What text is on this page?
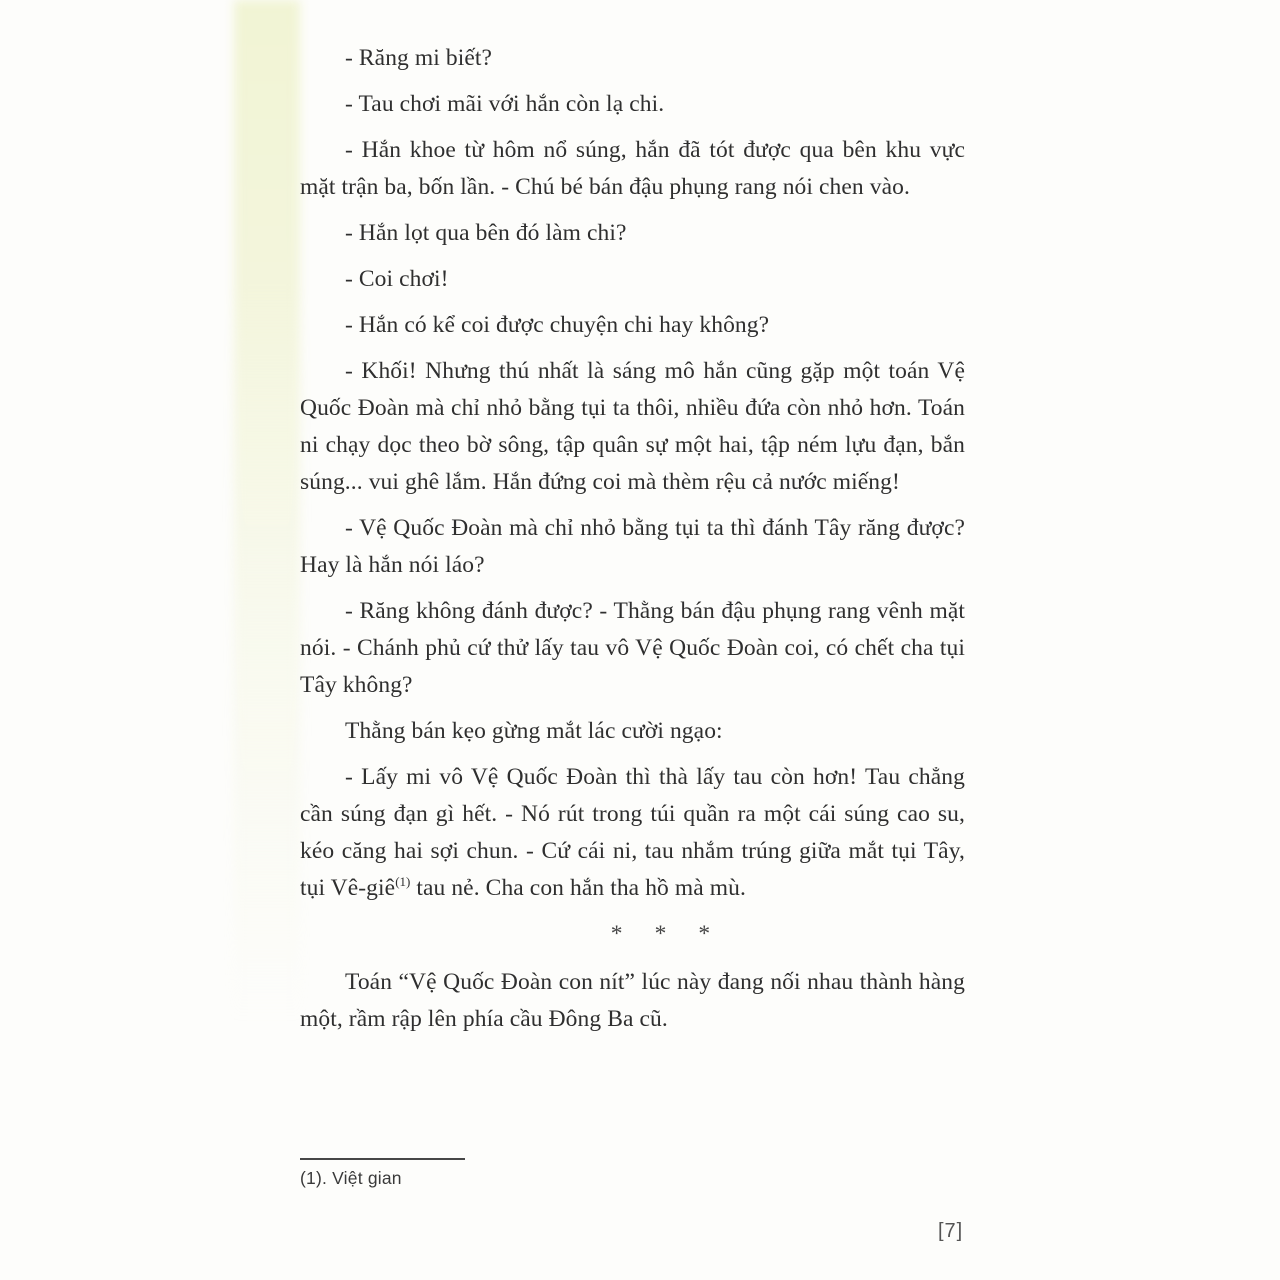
- Răng mi biết?

- Tau chơi mãi với hắn còn lạ chi.

- Hắn khoe từ hôm nổ súng, hắn đã tót được qua bên khu vực mặt trận ba, bốn lần. - Chú bé bán đậu phụng rang nói chen vào.

- Hắn lọt qua bên đó làm chi?

- Coi chơi!

- Hắn có kể coi được chuyện chi hay không?

- Khối! Nhưng thú nhất là sáng mô hắn cũng gặp một toán Vệ Quốc Đoàn mà chỉ nhỏ bằng tụi ta thôi, nhiều đứa còn nhỏ hơn. Toán ni chạy dọc theo bờ sông, tập quân sự một hai, tập ném lựu đạn, bắn súng... vui ghê lắm. Hắn đứng coi mà thèm rệu cả nước miếng!

- Vệ Quốc Đoàn mà chỉ nhỏ bằng tụi ta thì đánh Tây răng được? Hay là hắn nói láo?

- Răng không đánh được? - Thằng bán đậu phụng rang vênh mặt nói. - Chánh phủ cứ thử lấy tau vô Vệ Quốc Đoàn coi, có chết cha tụi Tây không?

Thằng bán kẹo gừng mắt lác cười ngạo:

- Lấy mi vô Vệ Quốc Đoàn thì thà lấy tau còn hơn! Tau chẳng cần súng đạn gì hết. - Nó rút trong túi quần ra một cái súng cao su, kéo căng hai sợi chun. - Cứ cái ni, tau nhắm trúng giữa mắt tụi Tây, tụi Vê-giê$^{(1)}$ tau nẻ. Cha con hắn tha hồ mà mù.

* * *

Toán “Vệ Quốc Đoàn con nít” lúc này đang nối nhau thành hàng một, rầm rập lên phía cầu Đông Ba cũ.

(1). Việt gian
[7]
